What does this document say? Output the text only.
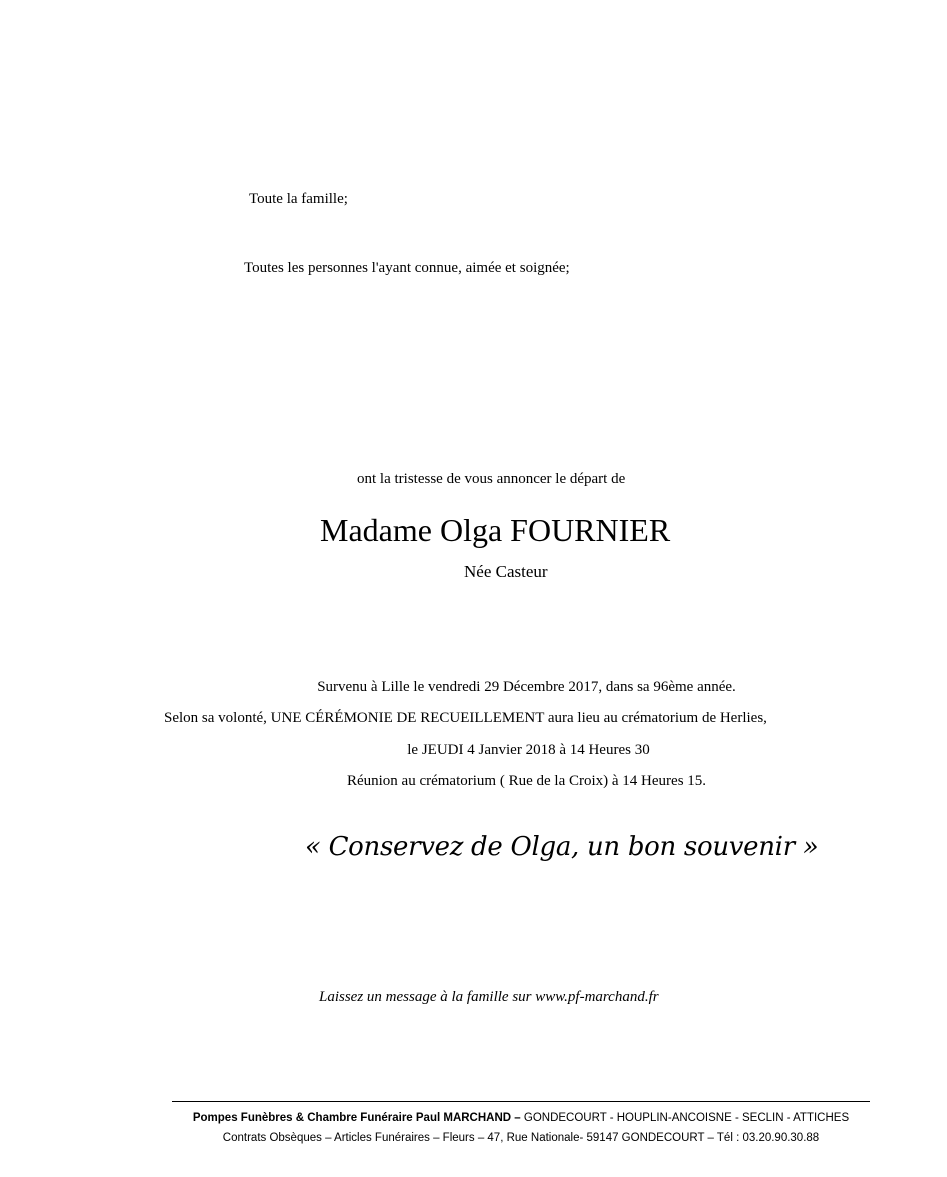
Toute la famille;
Toutes les personnes l'ayant connue, aimée et soignée;
ont la tristesse de vous annoncer le départ de
Madame Olga FOURNIER
Née Casteur
Survenu à Lille le vendredi 29 Décembre 2017, dans sa 96ème année.
Selon sa volonté, UNE CÉRÉMONIE DE RECUEILLEMENT aura lieu au crématorium de Herlies,
le JEUDI 4 Janvier 2018 à 14 Heures 30
Réunion au crématorium ( Rue de la Croix) à 14 Heures 15.
« Conservez de Olga, un bon souvenir »
Laissez un message à la famille sur www.pf-marchand.fr
Pompes Funèbres & Chambre Funéraire Paul MARCHAND – GONDECOURT - HOUPLIN-ANCOISNE - SECLIN - ATTICHES
Contrats Obsèques – Articles Funéraires – Fleurs – 47, Rue Nationale- 59147 GONDECOURT – Tél : 03.20.90.30.88
